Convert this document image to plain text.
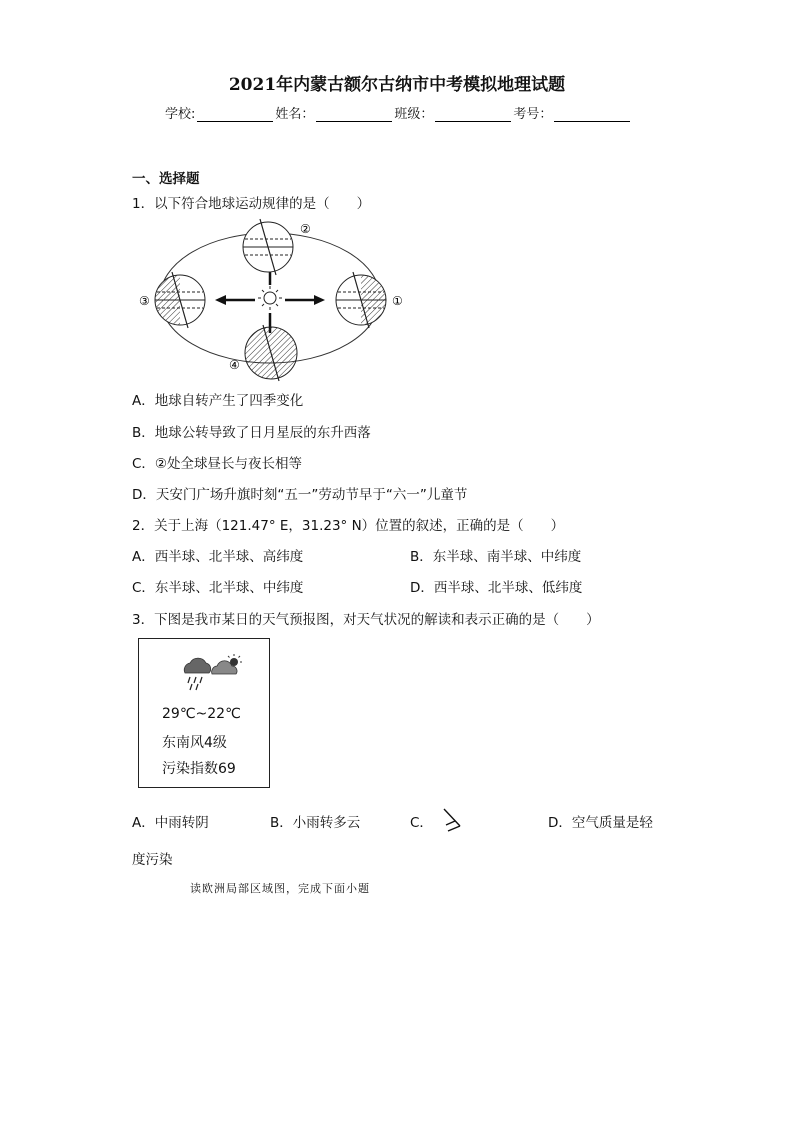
2021年内蒙古额尔古纳市中考模拟地理试题
学校:	姓名：	班级：	考号：
一、选择题
1．以下符合地球运动规律的是（　　）
②
①
③
④
A．地球自转产生了四季变化
B．地球公转导致了日月星辰的东升西落
C．②处全球昼长与夜长相等
D．天安门广场升旗时刻“五一”劳动节早于“六一”儿童节
2．关于上海（121.47° E，31.23° N）位置的叙述，正确的是（　　）
A．西半球、北半球、高纬度	B．东半球、南半球、中纬度
C．东半球、北半球、中纬度	D．西半球、北半球、低纬度
3．下图是我市某日的天气预报图，对天气状况的解读和表示正确的是（　　）
29℃~22℃
东南风4级
污染指数69
A．中雨转阴	B．小雨转多云	C．	D．空气质量是轻
度污染
读欧洲局部区域图，完成下面小题
